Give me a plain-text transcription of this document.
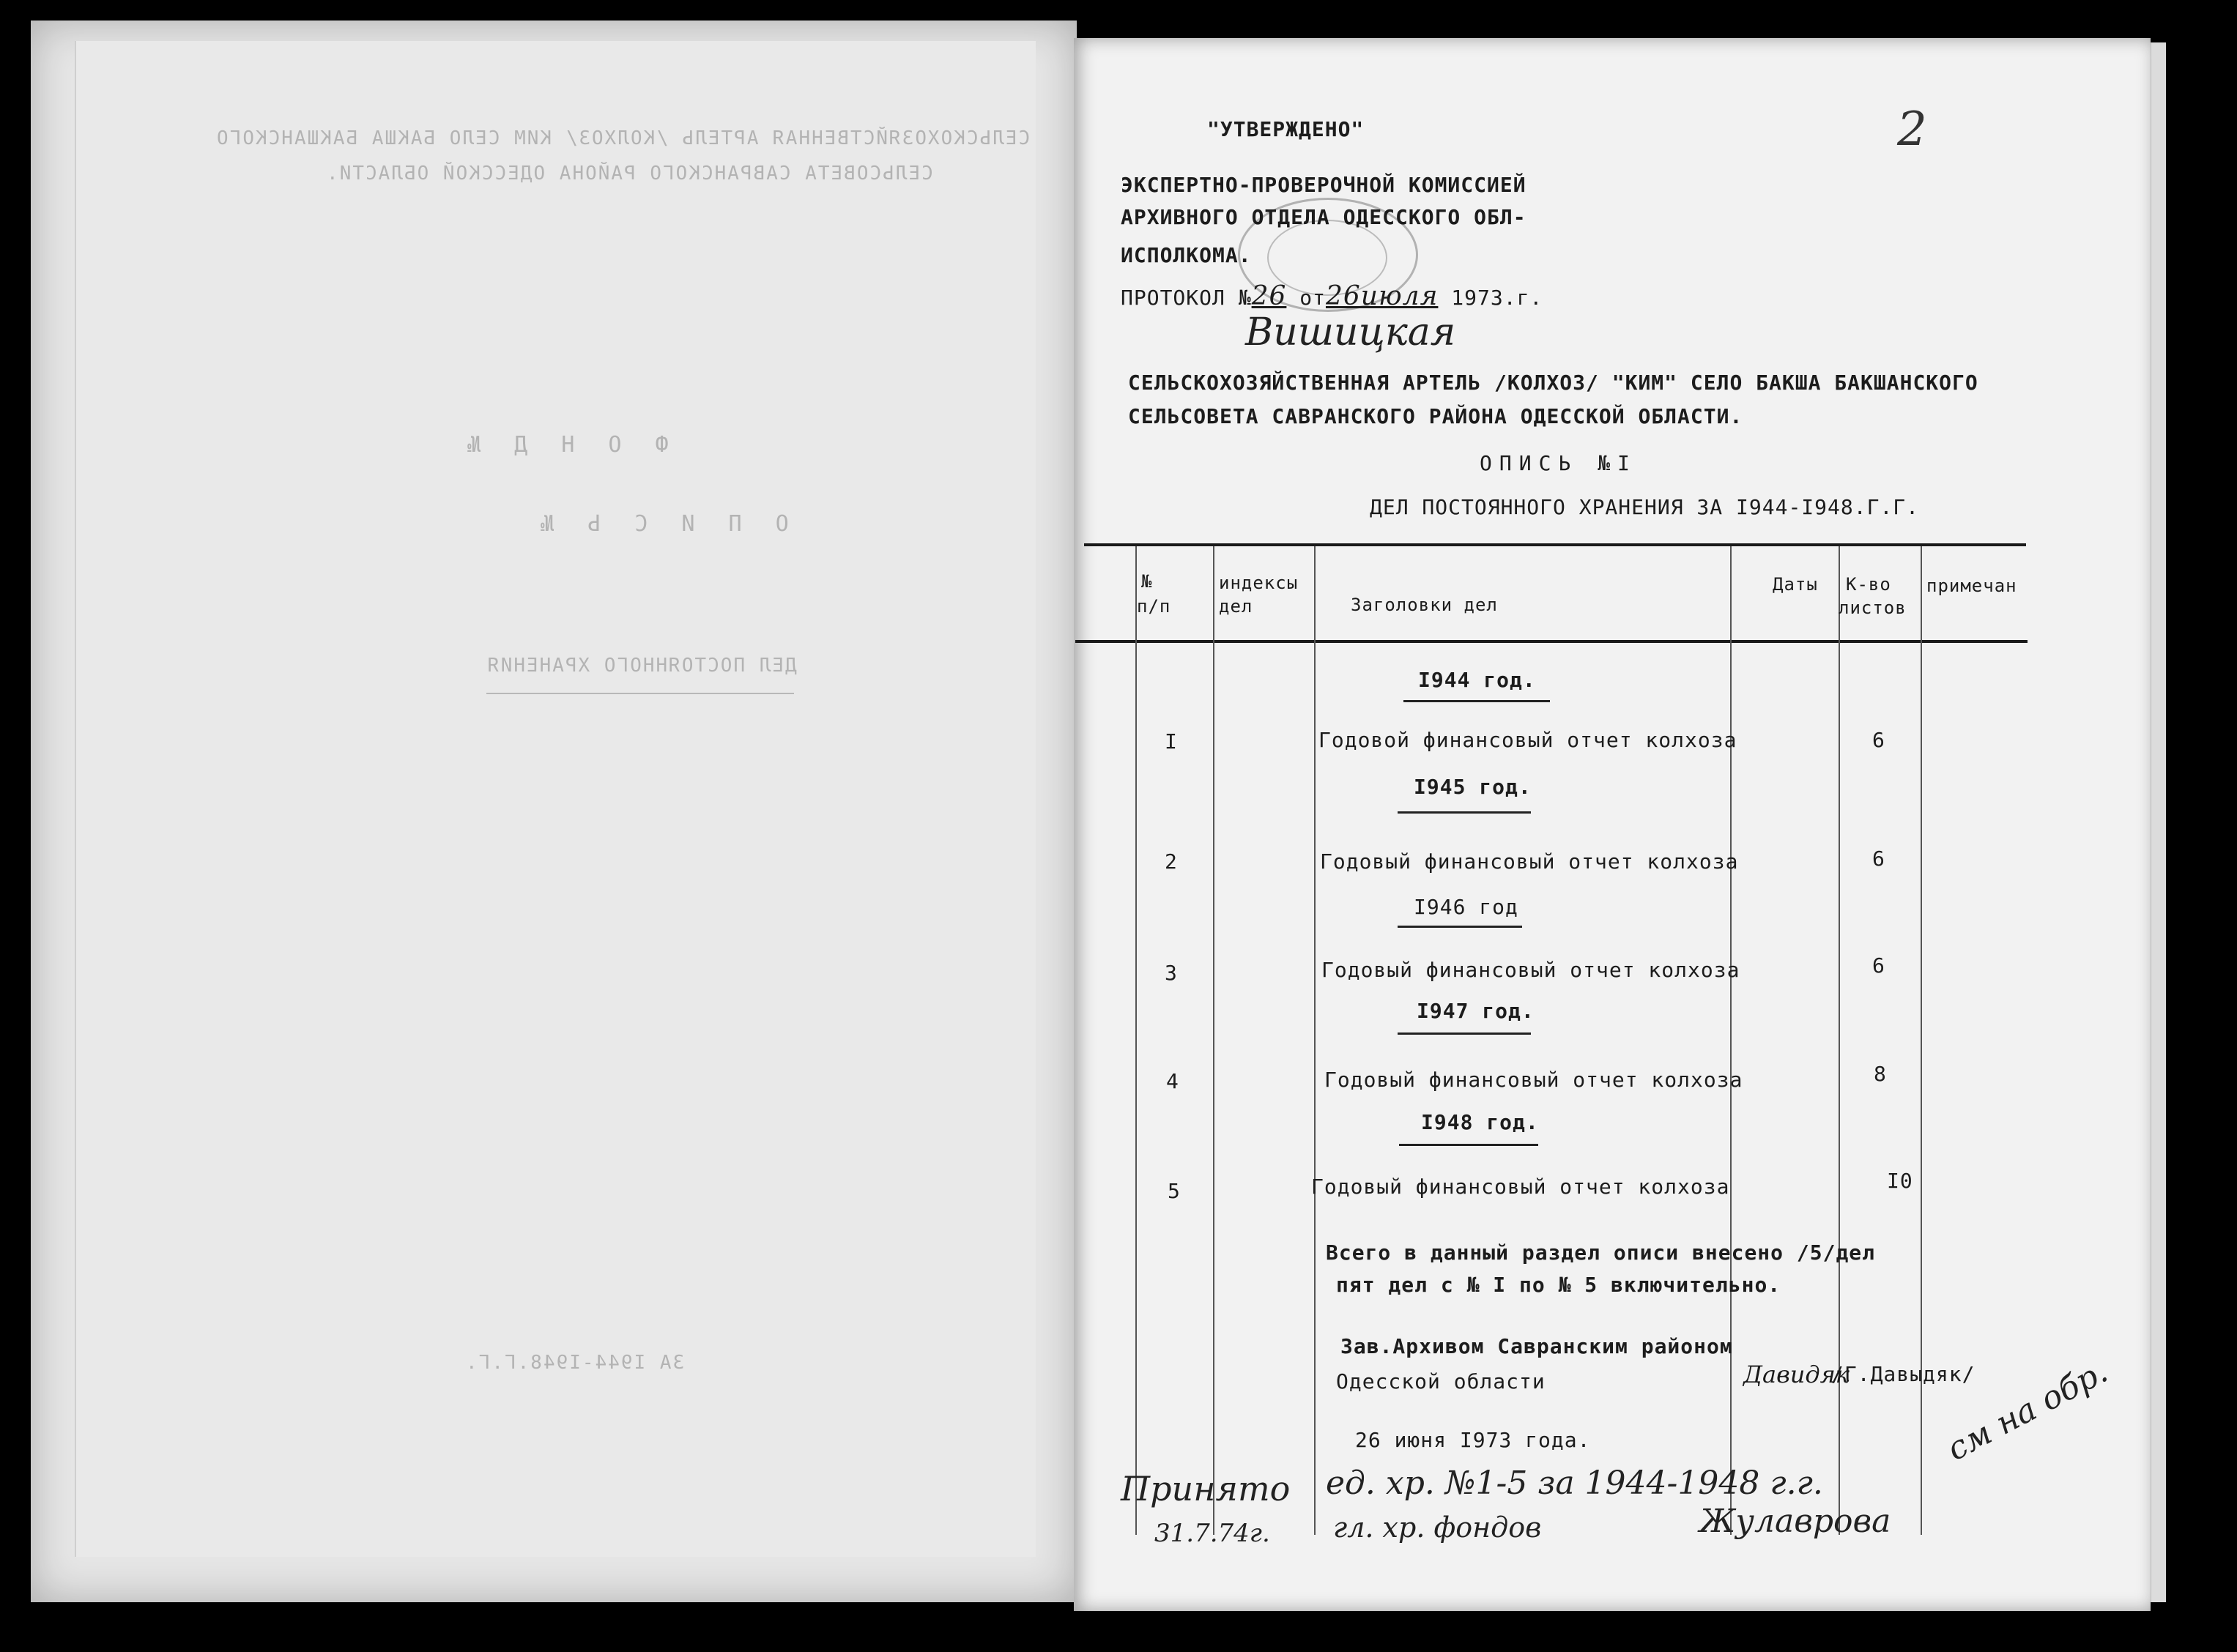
СЕЛЬСКОХОЗЯЙСТВЕННАЯ АРТЕЛЬ /КОЛХОЗ/ КИМ СЕЛО БАКША БАКШАНСКОГО
СЕЛЬСОВЕТА САВРАНСКОГО РАЙОНА ОДЕССКОЙ ОБЛАСТИ.
Ф О Н Д №
О П И С Ь №
ДЕЛ ПОСТОЯННОГО ХРАНЕНИЯ
ЗА I944-I948.Г.Г.
2
"УТВЕРЖДЕНО"
ЭКСПЕРТНО-ПРОВЕРОЧНОЙ КОМИССИЕЙ
АРХИВНОГО ОТДЕЛА ОДЕССКОГО ОБЛ-
ИСПОЛКОМА.
ПРОТОКОЛ №26 от26июля 1973.г.
Вишицкая
СЕЛЬСКОХОЗЯЙСТВЕННАЯ АРТЕЛЬ /КОЛХОЗ/ "КИМ" СЕЛО БАКША БАКШАНСКОГО
СЕЛЬСОВЕТА САВРАНСКОГО РАЙОНА ОДЕССКОЙ ОБЛАСТИ.
ОПИСЬ №I
ДЕЛ ПОСТОЯННОГО ХРАНЕНИЯ ЗА I944-I948.Г.Г.
№
п/п
индексы
дел	Заголовки дел
Даты К-во
листов
примечан
I944 год.
I	Годовой финансовый отчет колхоза	6
I945 год.
2	Годовый финансовый отчет колхоза	6
I946 год
3	Годовый финансовый отчет колхоза	6
I947 год.
4	Годовый финансовый отчет колхоза	8
I948 год.
5	Годовый финансовый отчет колхоза	I0
Всего в данный раздел описи внесено /5/дел
пят дел с № I по № 5 включительно.
Зав.Архивом Савранским районом
Одесской области	Давидяк
/Г.Давыдяк/
26 июня I973 года.
Принято
31.7.74г.
ед. хр. №1-5 за 1944-1948 г.г.
гл. хр. фондов	Жулаврова
см на обр.
